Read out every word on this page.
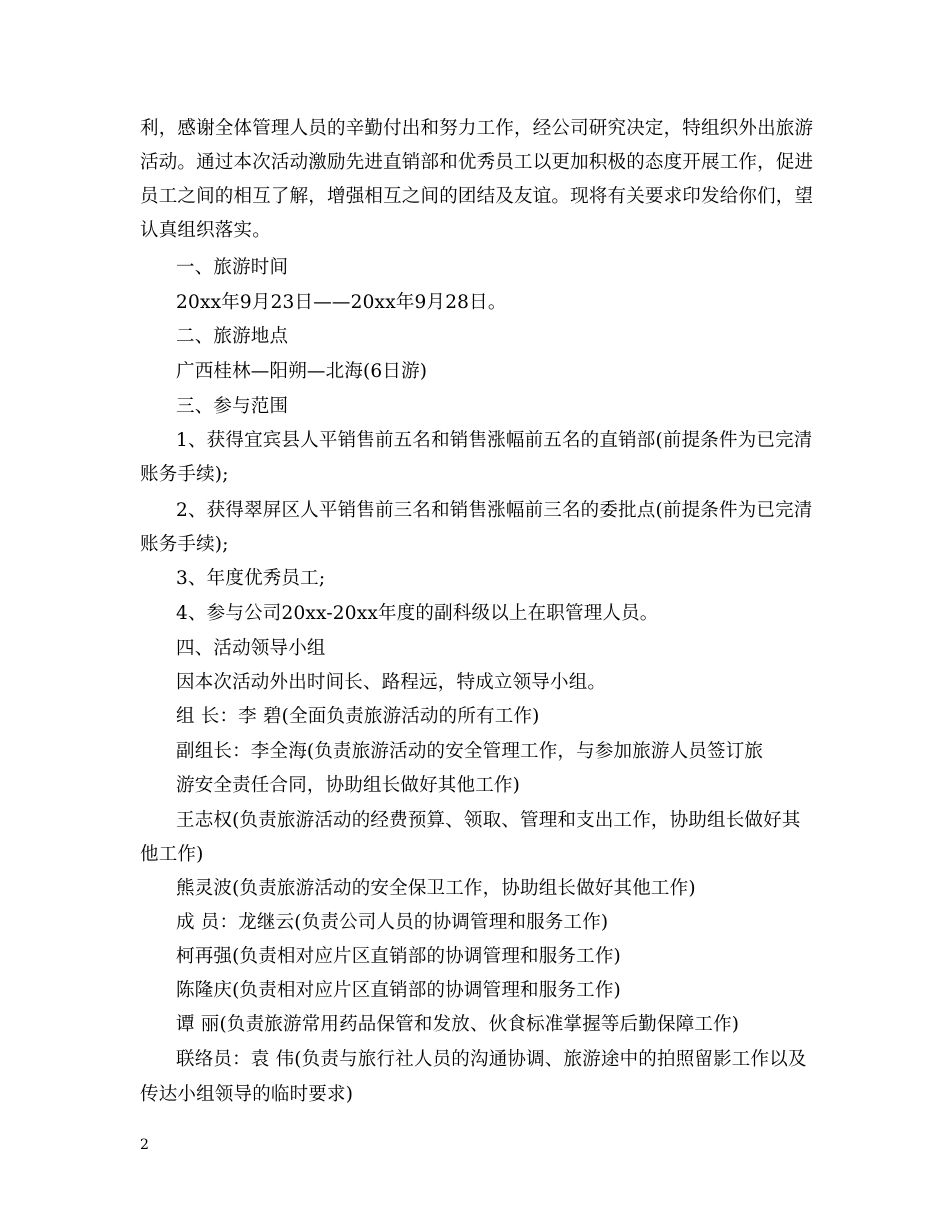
利，感谢全体管理人员的辛勤付出和努力工作，经公司研究决定，特组织外出旅游
活动。通过本次活动激励先进直销部和优秀员工以更加积极的态度开展工作，促进
员工之间的相互了解，增强相互之间的团结及友谊。现将有关要求印发给你们，望
认真组织落实。
一、旅游时间
20xx年9月23日——20xx年9月28日。
二、旅游地点
广西桂林—阳朔—北海(6日游)
三、参与范围
1、获得宜宾县人平销售前五名和销售涨幅前五名的直销部(前提条件为已完清
账务手续);
2、获得翠屏区人平销售前三名和销售涨幅前三名的委批点(前提条件为已完清
账务手续);
3、年度优秀员工;
4、参与公司20xx-20xx年度的副科级以上在职管理人员。
四、活动领导小组
因本次活动外出时间长、路程远，特成立领导小组。
组 长：李 碧(全面负责旅游活动的所有工作)
副组长：李全海(负责旅游活动的安全管理工作，与参加旅游人员签订旅
游安全责任合同，协助组长做好其他工作)
王志权(负责旅游活动的经费预算、领取、管理和支出工作，协助组长做好其
他工作)
熊灵波(负责旅游活动的安全保卫工作，协助组长做好其他工作)
成 员：龙继云(负责公司人员的协调管理和服务工作)
柯再强(负责相对应片区直销部的协调管理和服务工作)
陈隆庆(负责相对应片区直销部的协调管理和服务工作)
谭 丽(负责旅游常用药品保管和发放、伙食标准掌握等后勤保障工作)
联络员：袁 伟(负责与旅行社人员的沟通协调、旅游途中的拍照留影工作以及
传达小组领导的临时要求)
2
